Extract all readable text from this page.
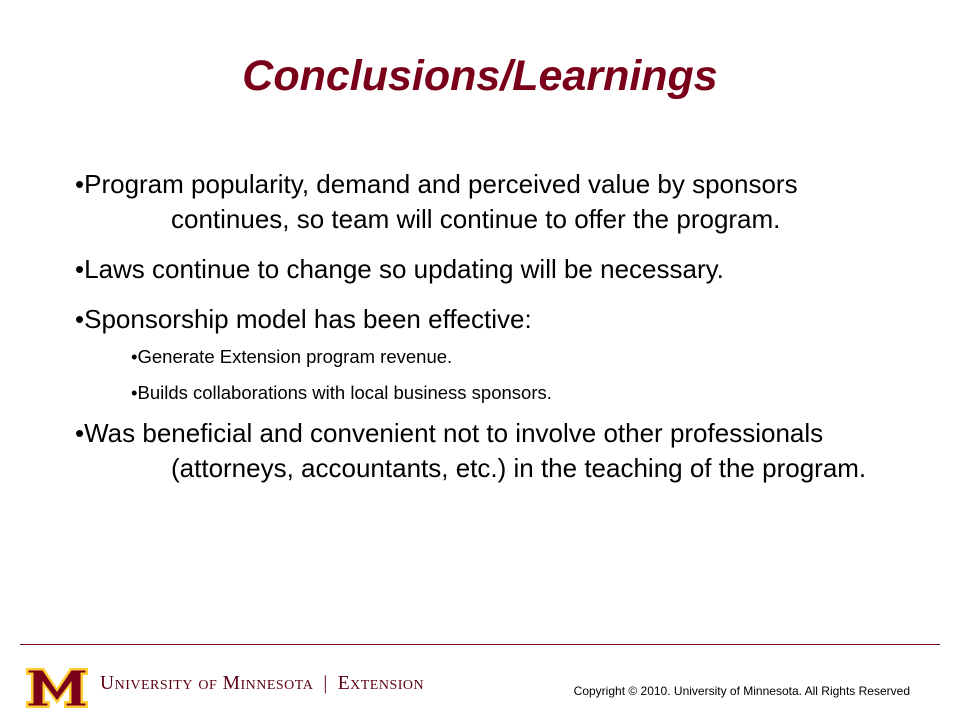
Conclusions/Learnings
•Program popularity, demand and perceived value by sponsors continues, so team will continue to offer the program.
•Laws continue to change so updating will be necessary.
•Sponsorship model has been effective:
•Generate Extension program revenue.
•Builds collaborations with local business sponsors.
•Was beneficial and convenient not to involve other professionals (attorneys, accountants, etc.) in the teaching of the program.
University of Minnesota | Extension	Copyright © 2010. University of Minnesota. All Rights Reserved
